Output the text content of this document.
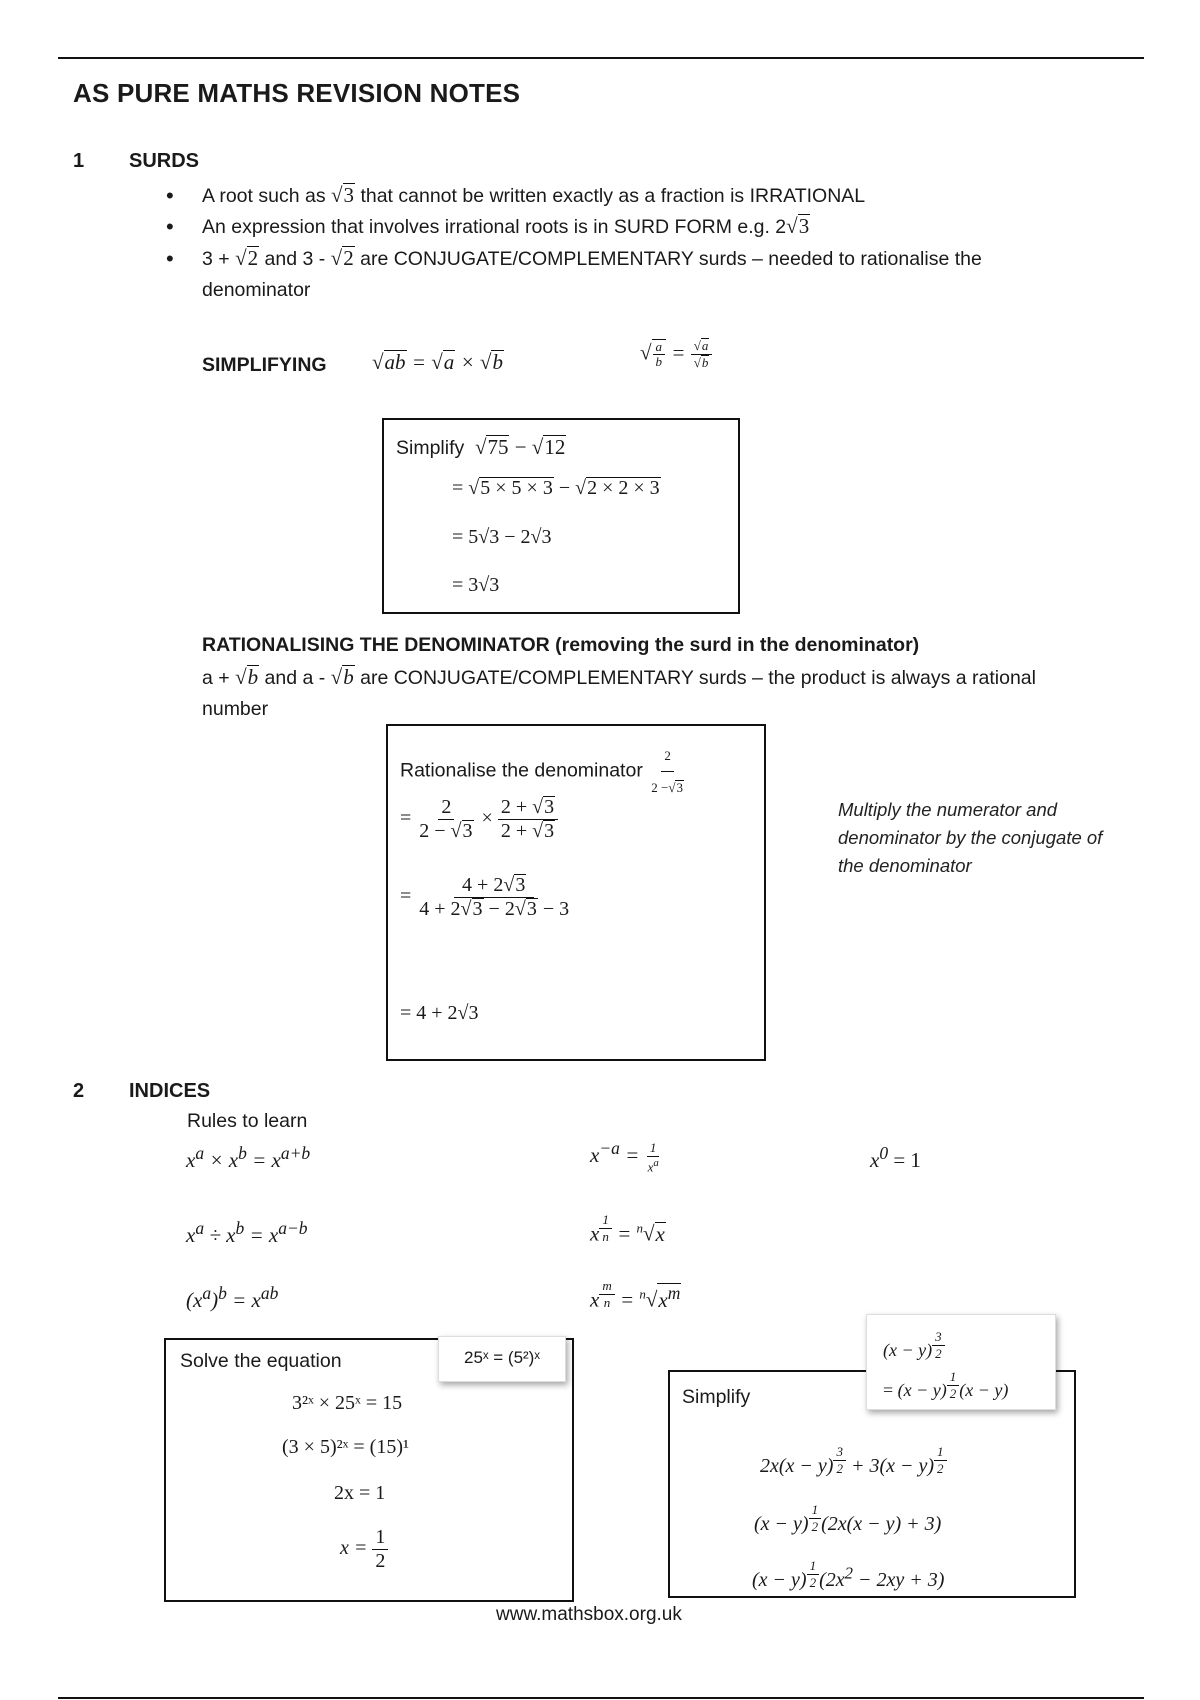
AS PURE MATHS REVISION NOTES
1 SURDS
• A root such as √3 that cannot be written exactly as a fraction is IRRATIONAL
• An expression that involves irrational roots is in SURD FORM e.g. 2√3
• 3 + √2 and 3 - √2 are CONJUGATE/COMPLEMENTARY surds – needed to rationalise the denominator
SIMPLIFYING √ab = √a × √b	√ $\frac{a}{b} = \frac{√a}{√b}$
Simplify  √75 − √12
= √5 × 5 × 3 − √2 × 2 × 3
= 5√3 − 2√3
= 3√3
RATIONALISING THE DENOMINATOR (removing the surd in the denominator)
a + √b and a - √b are CONJUGATE/COMPLEMENTARY surds – the product is always a rational number
Rationalise the denominator $\frac{2}{2 -√3}$
= $\frac{2}{2 - √3} \times \frac{2 + √3}{2 + √3}$
= $\frac{4 + 2√3}{4 + 2√3 - 2√3 - 3}$
= 4 + 2√3
Multiply the numerator and denominator by the conjugate of the denominator
2 INDICES
Rules to learn
$x^a \times x^b = x^{a+b}$	$x^{-a} = \frac{1}{x^a}$	$x^0 = 1$
$x^a \div x^b = x^{a-b}$	x $^{\frac{1}{n}}$ = $^n$√x
$(x^a)^b = x^{ab}$	x $^{\frac{m}{n}} = ^n√x^m$
Solve the equation
3²ˣ × 25ˣ = 15
(3 × 5)²ˣ = (15)¹
2x = 1
$x = \frac{1}{2}$
25ˣ = (5²)ˣ
Simplify
2x(x − y) $^{\frac{3}{2}}$ + 3(x − y) $^{\frac{1}{2}}$
(x − y) $^{\frac{1}{2}}$ (2x(x − y) + 3)
(x − y) $^{\frac{1}{2}}$ $(2x^2 - 2xy + 3)$
(x − y) $^{\frac{3}{2}}$
= (x − y) $^{\frac{1}{2}}$ (x − y)
www.mathsbox.org.uk
